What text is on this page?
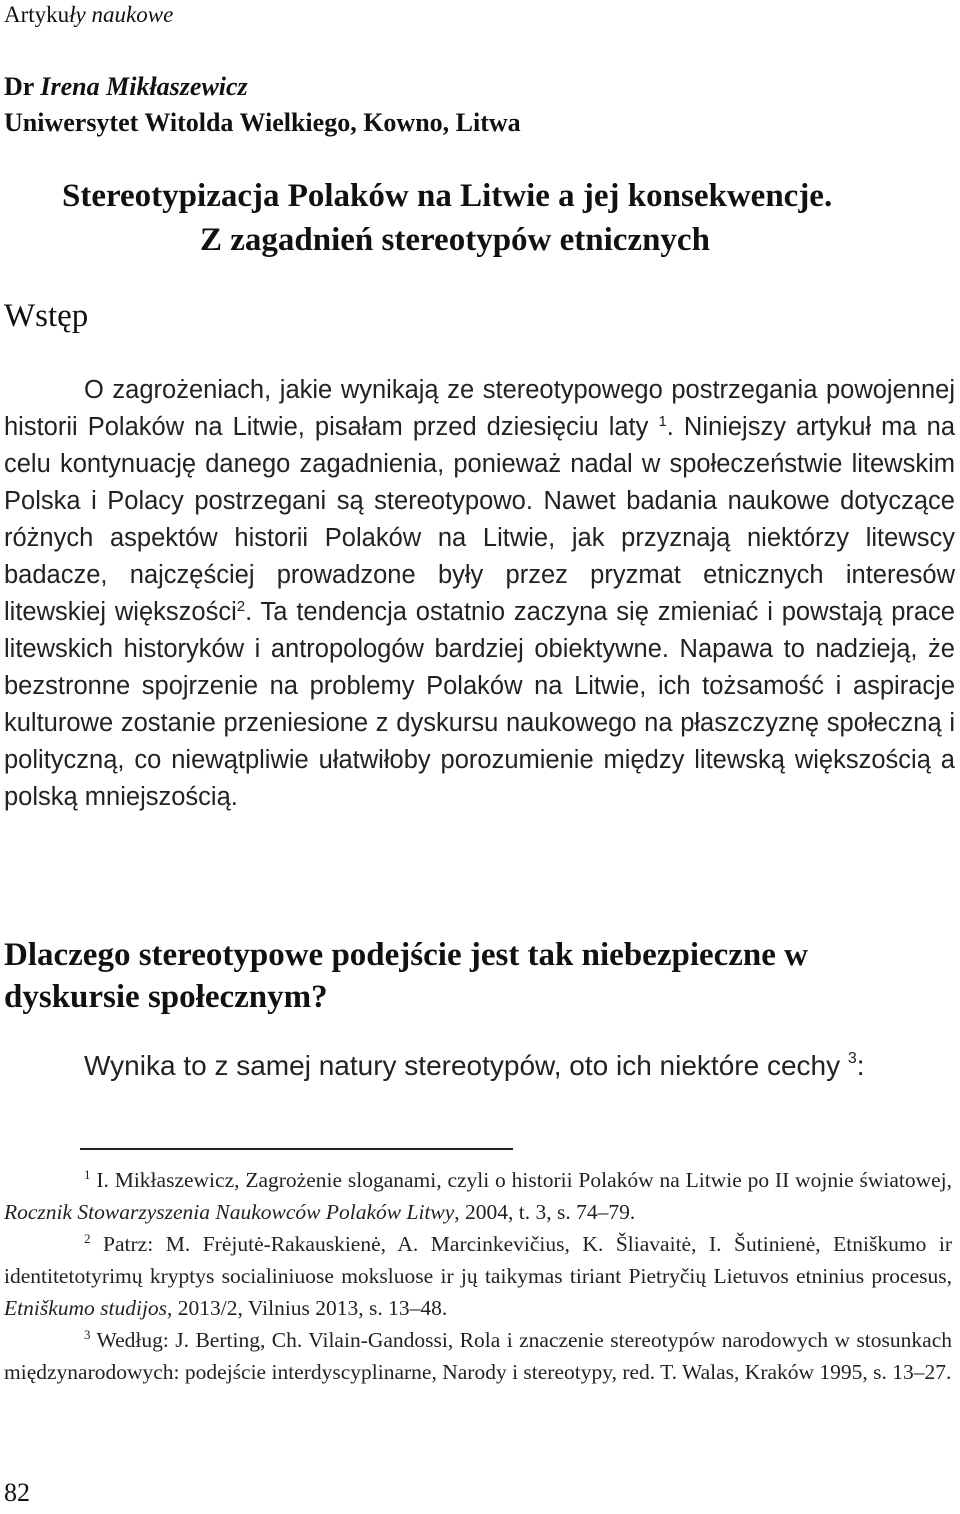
Artykuły naukowe
Dr Irena Mikłaszewicz
Uniwersytet Witolda Wielkiego, Kowno, Litwa
Stereotypizacja Polaków na Litwie a jej konsekwencje.
Z zagadnień stereotypów etnicznych
Wstęp

O zagrożeniach, jakie wynikają ze stereotypowego postrzegania powojennej historii Polaków na Litwie, pisałam przed dziesięciu laty $^1$. Niniejszy artykuł ma na celu kontynuację danego zagadnienia, ponieważ nadal w społeczeństwie litewskim Polska i Polacy postrzegani są stereotypowo. Nawet badania naukowe dotyczące różnych aspektów historii Polaków na Litwie, jak przyznają niektórzy litewscy badacze, najczęściej prowadzone były przez pryzmat etnicznych interesów litewskiej większości$^2$. Ta tendencja ostatnio zaczyna się zmieniać i powstają prace litewskich historyków i antropologów bardziej obiektywne. Napawa to nadzieją, że bezstronne spojrzenie na problemy Polaków na Litwie, ich tożsamość i aspiracje kulturowe zostanie przeniesione z dyskursu naukowego na płaszczyznę społeczną i polityczną, co niewątpliwie ułatwiłoby porozumienie między litewską większością a polską mniejszością.

Dlaczego stereotypowe podejście jest tak niebezpieczne w dyskursie społecznym?
Wynika to z samej natury stereotypów, oto ich niektóre cechy $^3$:

$^1$ I. Mikłaszewicz, Zagrożenie sloganami, czyli o historii Polaków na Litwie po II wojnie światowej, Rocznik Stowarzyszenia Naukowców Polaków Litwy, 2004, t. 3, s. 74–79.

$^2$ Patrz: M. Frėjutė-Rakauskienė, A. Marcinkevičius, K. Šliavaitė, I. Šutinienė, Etniškumo ir identitetotyrimų kryptys socialiniuose moksluose ir jų taikymas tiriant Pietryčių Lietuvos etninius procesus, Etniškumo studijos, 2013/2, Vilnius 2013, s. 13–48.

$^3$ Według: J. Berting, Ch. Vilain-Gandossi, Rola i znaczenie stereotypów narodowych w stosunkach międzynarodowych: podejście interdyscyplinarne, Narody i stereotypy, red. T. Walas, Kraków 1995, s. 13–27.

82
